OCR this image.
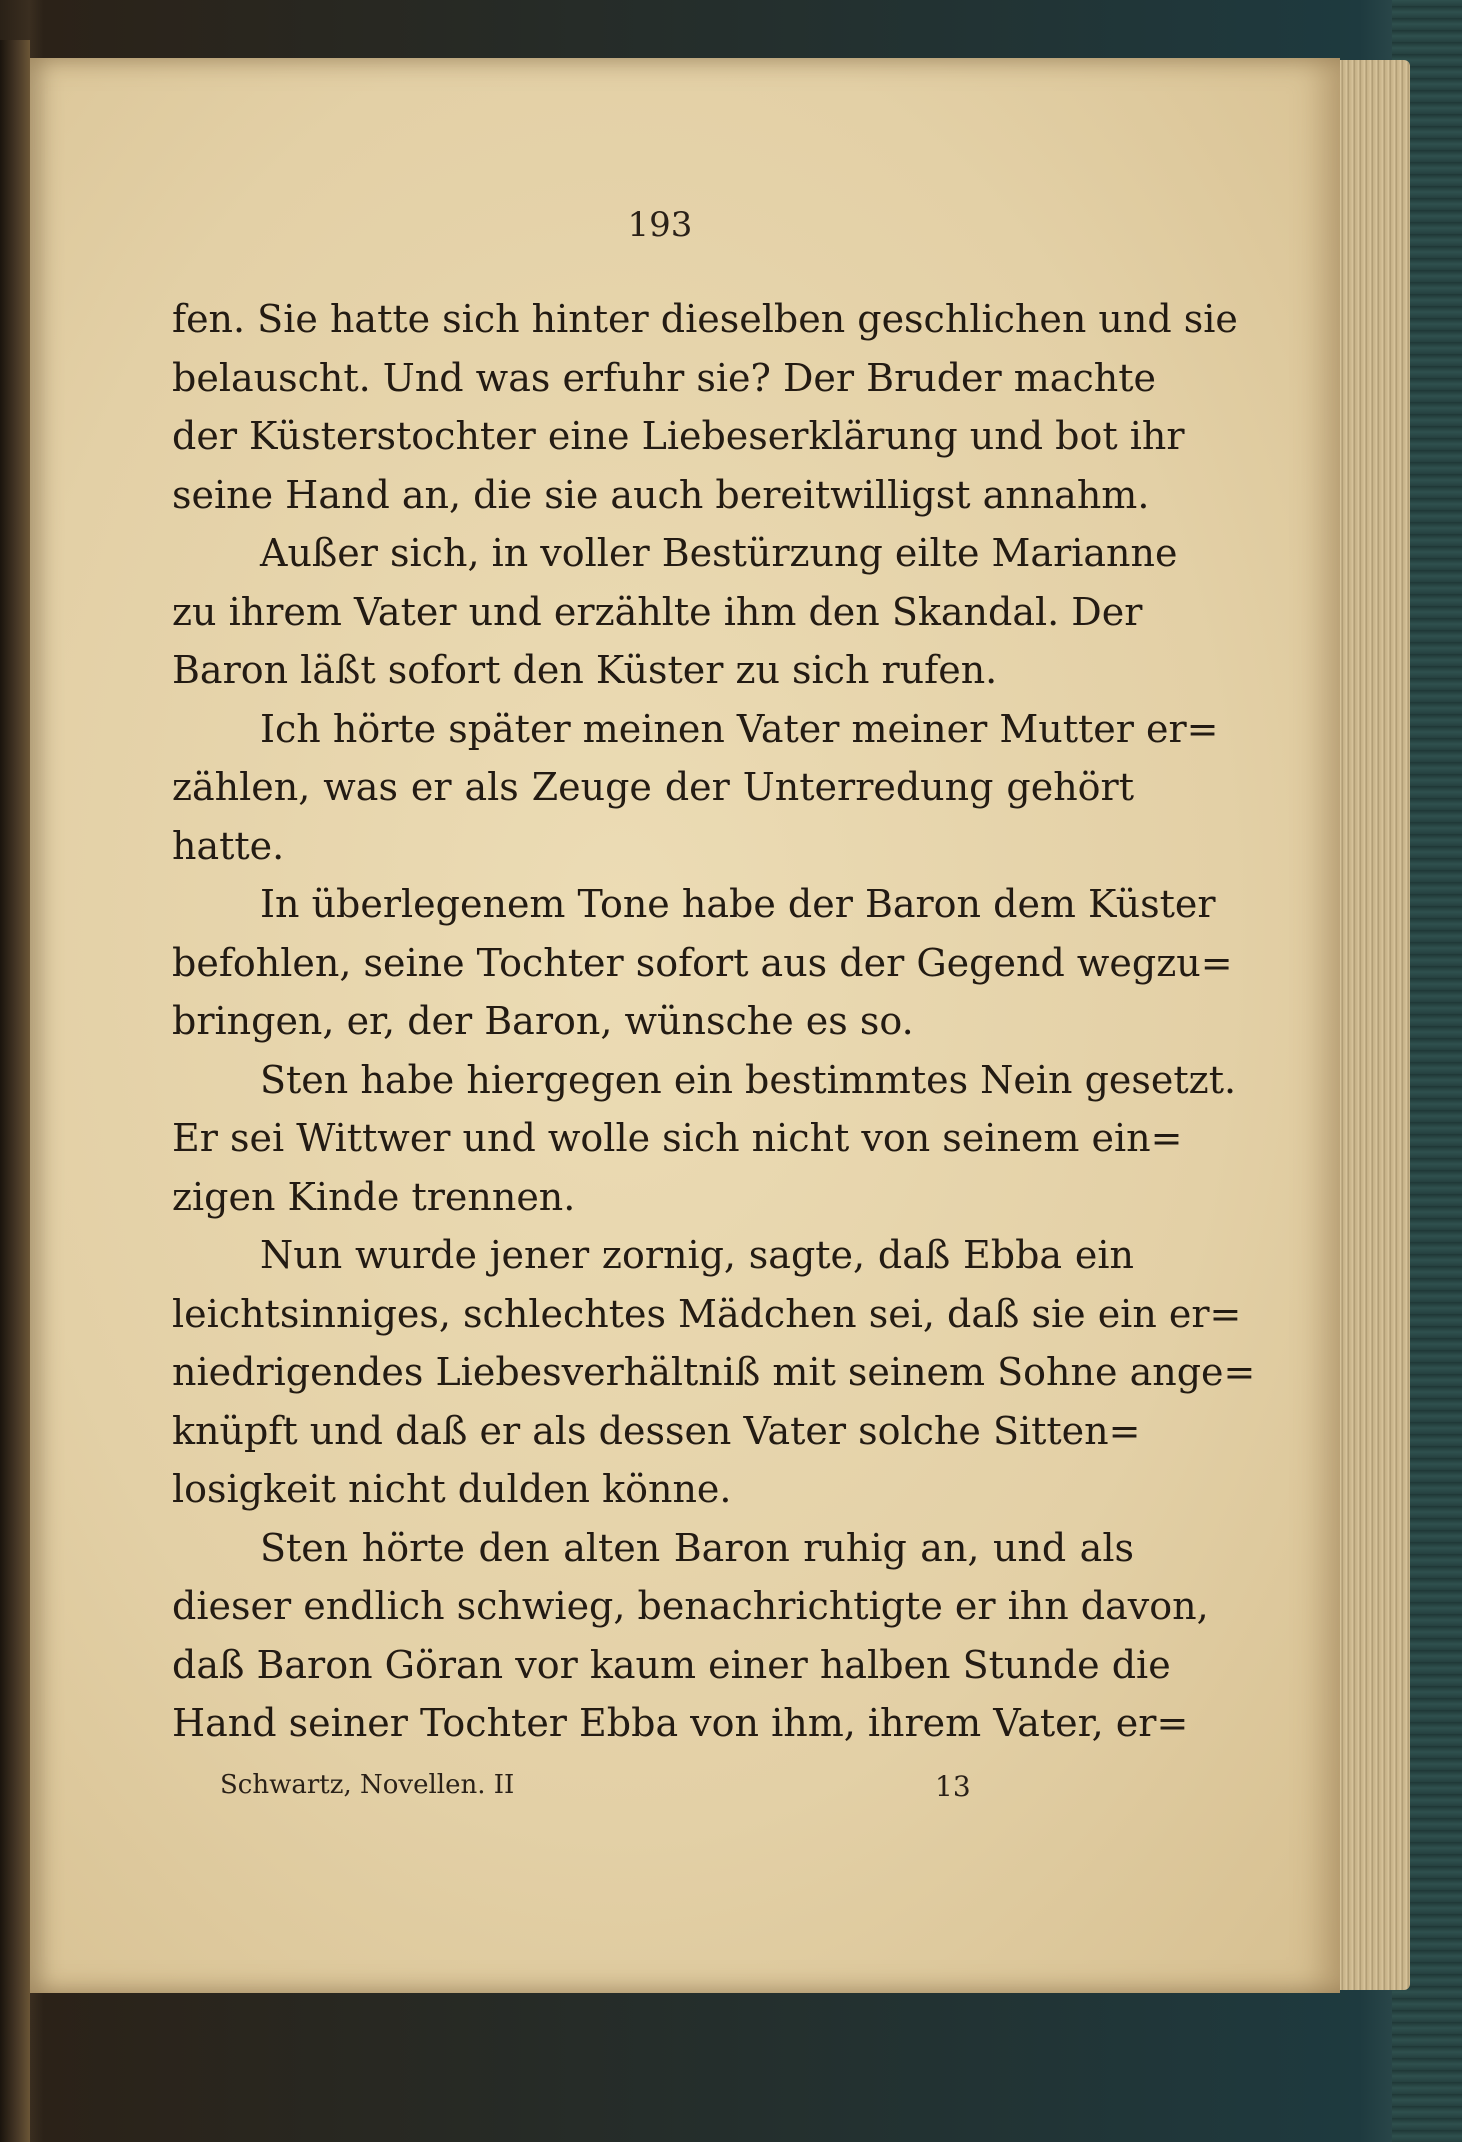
193

fen. Sie hatte sich hinter dieselben geschlichen und sie
belauscht. Und was erfuhr sie? Der Bruder machte
der Küsterstochter eine Liebeserklärung und bot ihr
seine Hand an, die sie auch bereitwilligst annahm.

Außer sich, in voller Bestürzung eilte Marianne
zu ihrem Vater und erzählte ihm den Skandal. Der
Baron läßt sofort den Küster zu sich rufen.

Ich hörte später meinen Vater meiner Mutter er=
zählen, was er als Zeuge der Unterredung gehört
hatte.

In überlegenem Tone habe der Baron dem Küster
befohlen, seine Tochter sofort aus der Gegend wegzu=
bringen, er, der Baron, wünsche es so.

Sten habe hiergegen ein bestimmtes Nein gesetzt.
Er sei Wittwer und wolle sich nicht von seinem ein=
zigen Kinde trennen.

Nun wurde jener zornig, sagte, daß Ebba ein
leichtsinniges, schlechtes Mädchen sei, daß sie ein er=
niedrigendes Liebesverhältniß mit seinem Sohne ange=
knüpft und daß er als dessen Vater solche Sitten=
losigkeit nicht dulden könne.

Sten hörte den alten Baron ruhig an, und als
dieser endlich schwieg, benachrichtigte er ihn davon,
daß Baron Göran vor kaum einer halben Stunde die
Hand seiner Tochter Ebba von ihm, ihrem Vater, er=

Schwartz, Novellen. II	13
